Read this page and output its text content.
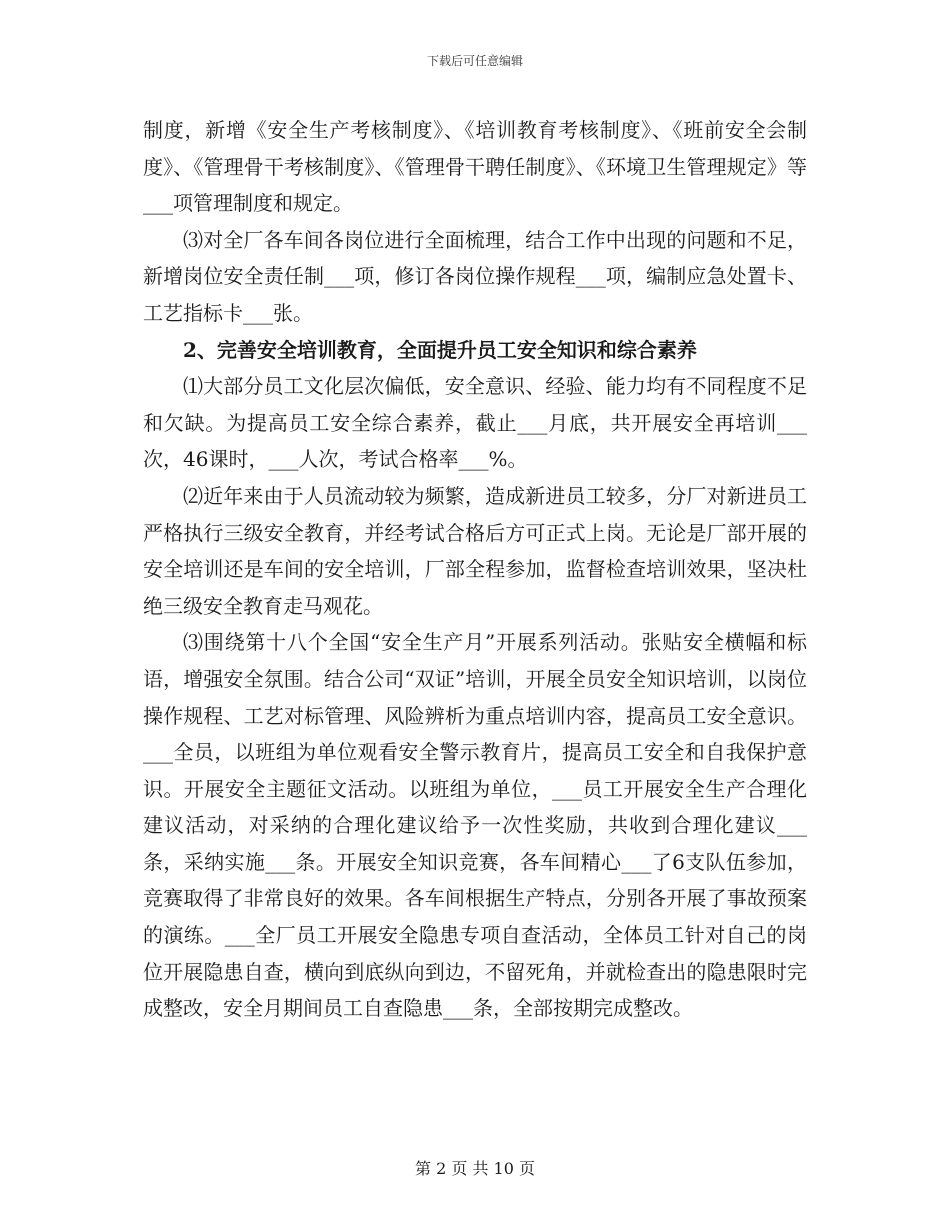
下载后可任意编辑

制度，新增《安全生产考核制度》、《培训教育考核制度》、《班前安全会制度》、《管理骨干考核制度》、《管理骨干聘任制度》、《环境卫生管理规定》等___项管理制度和规定。

⑶对全厂各车间各岗位进行全面梳理，结合工作中出现的问题和不足，新增岗位安全责任制___项，修订各岗位操作规程___项，编制应急处置卡、工艺指标卡___张。

2、完善安全培训教育，全面提升员工安全知识和综合素养

⑴大部分员工文化层次偏低，安全意识、经验、能力均有不同程度不足和欠缺。为提高员工安全综合素养，截止___月底，共开展安全再培训___次，46课时，___人次，考试合格率___%。

⑵近年来由于人员流动较为频繁，造成新进员工较多，分厂对新进员工严格执行三级安全教育，并经考试合格后方可正式上岗。无论是厂部开展的安全培训还是车间的安全培训，厂部全程参加，监督检查培训效果，坚决杜绝三级安全教育走马观花。

⑶围绕第十八个全国“安全生产月”开展系列活动。张贴安全横幅和标语，增强安全氛围。结合公司“双证”培训，开展全员安全知识培训，以岗位操作规程、工艺对标管理、风险辨析为重点培训内容，提高员工安全意识。___全员，以班组为单位观看安全警示教育片，提高员工安全和自我保护意识。开展安全主题征文活动。以班组为单位，___员工开展安全生产合理化建议活动，对采纳的合理化建议给予一次性奖励，共收到合理化建议___条，采纳实施___条。开展安全知识竞赛，各车间精心___了6支队伍参加，竞赛取得了非常良好的效果。各车间根据生产特点，分别各开展了事故预案的演练。___全厂员工开展安全隐患专项自查活动，全体员工针对自己的岗位开展隐患自查，横向到底纵向到边，不留死角，并就检查出的隐患限时完成整改，安全月期间员工自查隐患___条，全部按期完成整改。

第 2 页 共 10 页
